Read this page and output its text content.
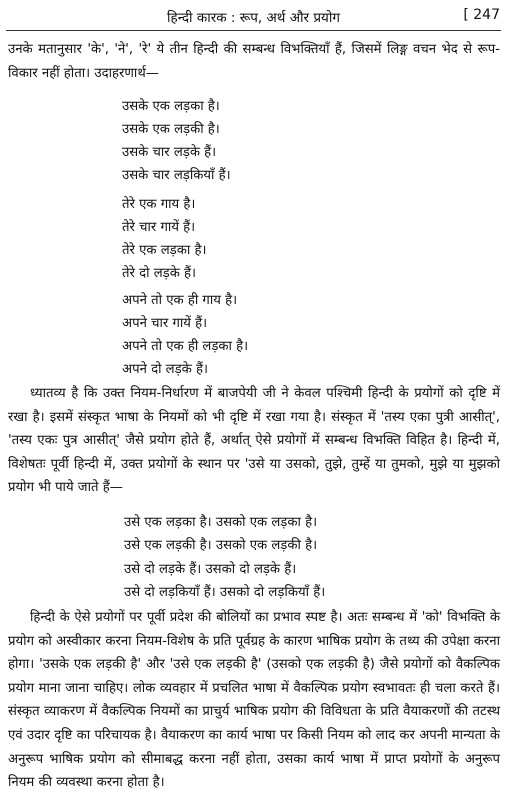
हिन्दी कारक : रूप, अर्थ और प्रयोग	[ 247

उनके मतानुसार 'के', 'ने', 'रे' ये तीन हिन्दी की सम्बन्ध विभक्तियाँ हैं, जिसमें लिङ्ग वचन भेद से रूप-विकार नहीं होता। उदाहरणार्थ—

उसके एक लड़का है।
उसके एक लड़की है।
उसके चार लड़के हैं।
उसके चार लड़कियाँ हैं।
तेरे एक गाय है।
तेरे चार गायें हैं।
तेरे एक लड़का है।
तेरे दो लड़के हैं।
अपने तो एक ही गाय है।
अपने चार गायें हैं।
अपने तो एक ही लड़का है।
अपने दो लड़के हैं।

ध्यातव्य है कि उक्त नियम-निर्धारण में बाजपेयी जी ने केवल पश्चिमी हिन्दी के प्रयोगों को दृष्टि में रखा है। इसमें संस्कृत भाषा के नियमों को भी दृष्टि में रखा गया है। संस्कृत में 'तस्य एका पुत्री आसीत्', 'तस्य एकः पुत्र आसीत्' जैसे प्रयोग होते हैं, अर्थात् ऐसे प्रयोगों में सम्बन्ध विभक्ति विहित है। हिन्दी में, विशेषतः पूर्वी हिन्दी में, उक्त प्रयोगों के स्थान पर 'उसे या उसको, तुझे, तुम्हें या तुमको, मुझे या मुझको प्रयोग भी पाये जाते हैं—

उसे एक लड़का है। उसको एक लड़का है।
उसे एक लड़की है। उसको एक लड़की है।
उसे दो लड़के हैं। उसको दो लड़के हैं।
उसे दो लड़कियाँ हैं। उसको दो लड़कियाँ हैं।

हिन्दी के ऐसे प्रयोगों पर पूर्वी प्रदेश की बोलियों का प्रभाव स्पष्ट है। अतः सम्बन्ध में 'को' विभक्ति के प्रयोग को अस्वीकार करना नियम-विशेष के प्रति पूर्वग्रह के कारण भाषिक प्रयोग के तथ्य की उपेक्षा करना होगा। 'उसके एक लड़की है' और 'उसे एक लड़की है' (उसको एक लड़की है) जैसे प्रयोगों को वैकल्पिक प्रयोग माना जाना चाहिए। लोक व्यवहार में प्रचलित भाषा में वैकल्पिक प्रयोग स्वभावतः ही चला करते हैं। संस्कृत व्याकरण में वैकल्पिक नियमों का प्राचुर्य भाषिक प्रयोग की विविधता के प्रति वैयाकरणों की तटस्थ एवं उदार दृष्टि का परिचायक है। वैयाकरण का कार्य भाषा पर किसी नियम को लाद कर अपनी मान्यता के अनुरूप भाषिक प्रयोग को सीमाबद्ध करना नहीं होता, उसका कार्य भाषा में प्राप्त प्रयोगों के अनुरूप नियम की व्यवस्था करना होता है।
